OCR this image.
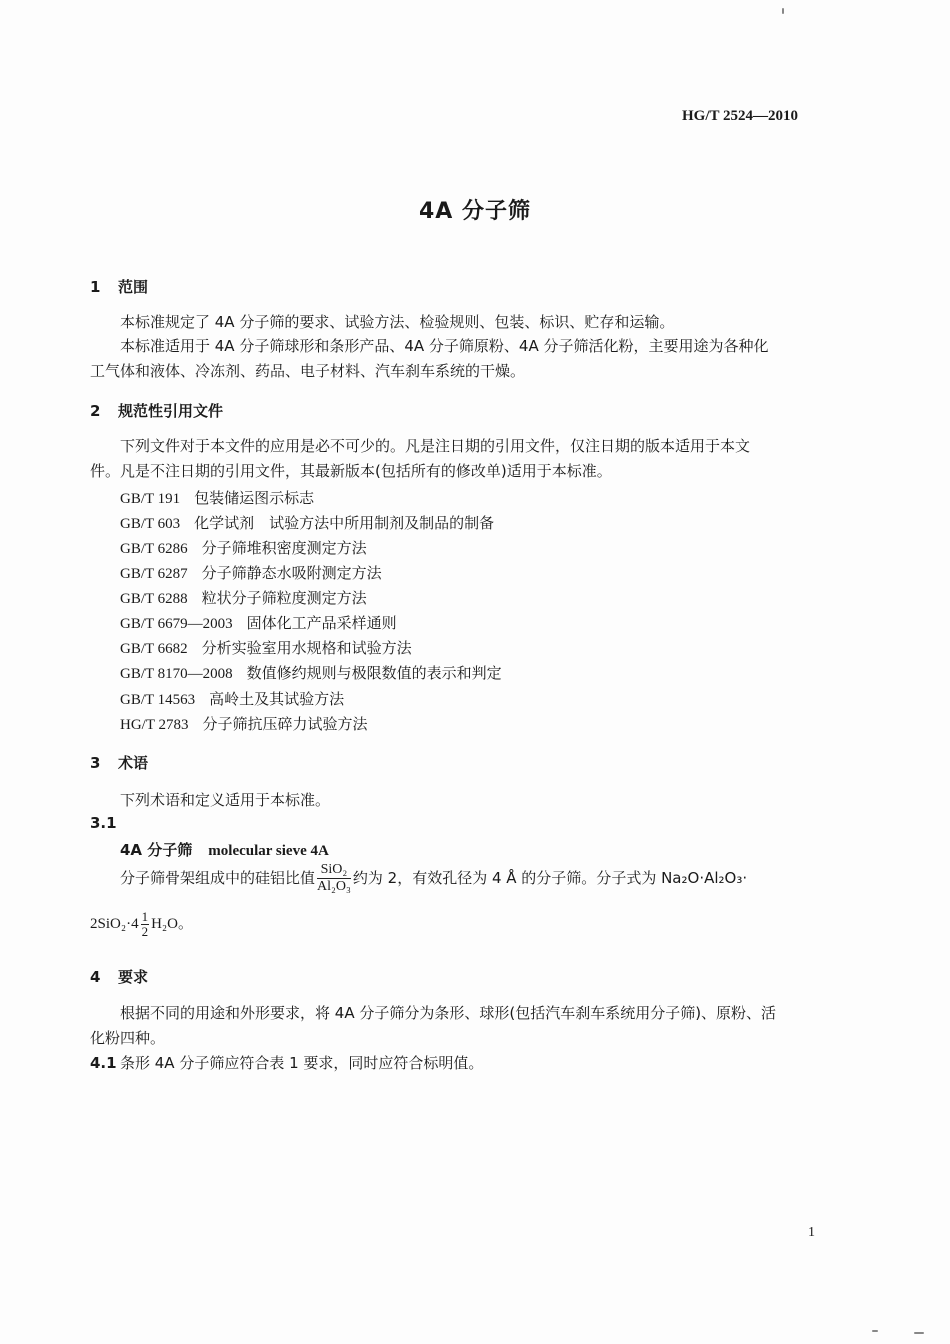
HG/T 2524—2010
4A 分子筛
1 范围
本标准规定了 4A 分子筛的要求、试验方法、检验规则、包装、标识、贮存和运输。
本标准适用于 4A 分子筛球形和条形产品、4A 分子筛原粉、4A 分子筛活化粉，主要用途为各种化
工气体和液体、冷冻剂、药品、电子材料、汽车刹车系统的干燥。
2 规范性引用文件
下列文件对于本文件的应用是必不可少的。凡是注日期的引用文件，仅注日期的版本适用于本文
件。凡是不注日期的引用文件，其最新版本(包括所有的修改单)适用于本标准。
GB/T 191 包装储运图示标志
GB/T 603 化学试剂　试验方法中所用制剂及制品的制备
GB/T 6286 分子筛堆积密度测定方法
GB/T 6287 分子筛静态水吸附测定方法
GB/T 6288 粒状分子筛粒度测定方法
GB/T 6679—2003 固体化工产品采样通则
GB/T 6682 分析实验室用水规格和试验方法
GB/T 8170—2008 数值修约规则与极限数值的表示和判定
GB/T 14563 高岭土及其试验方法
HG/T 2783 分子筛抗压碎力试验方法
3 术语
下列术语和定义适用于本标准。
3.1
4A 分子筛 molecular sieve 4A
分子筛骨架组成中的硅铝比值 $\frac{\text{SiO₂}}{\text{Al₂O₃}}$ 约为 2，有效孔径为 4 Å 的分子筛。分子式为 Na₂O·Al₂O₃·
$2SiO_2\cdot 4 \frac{1}{2} H_2O$。
4 要求
根据不同的用途和外形要求，将 4A 分子筛分为条形、球形(包括汽车刹车系统用分子筛)、原粉、活
化粉四种。
4.1 条形 4A 分子筛应符合表 1 要求，同时应符合标明值。
1
